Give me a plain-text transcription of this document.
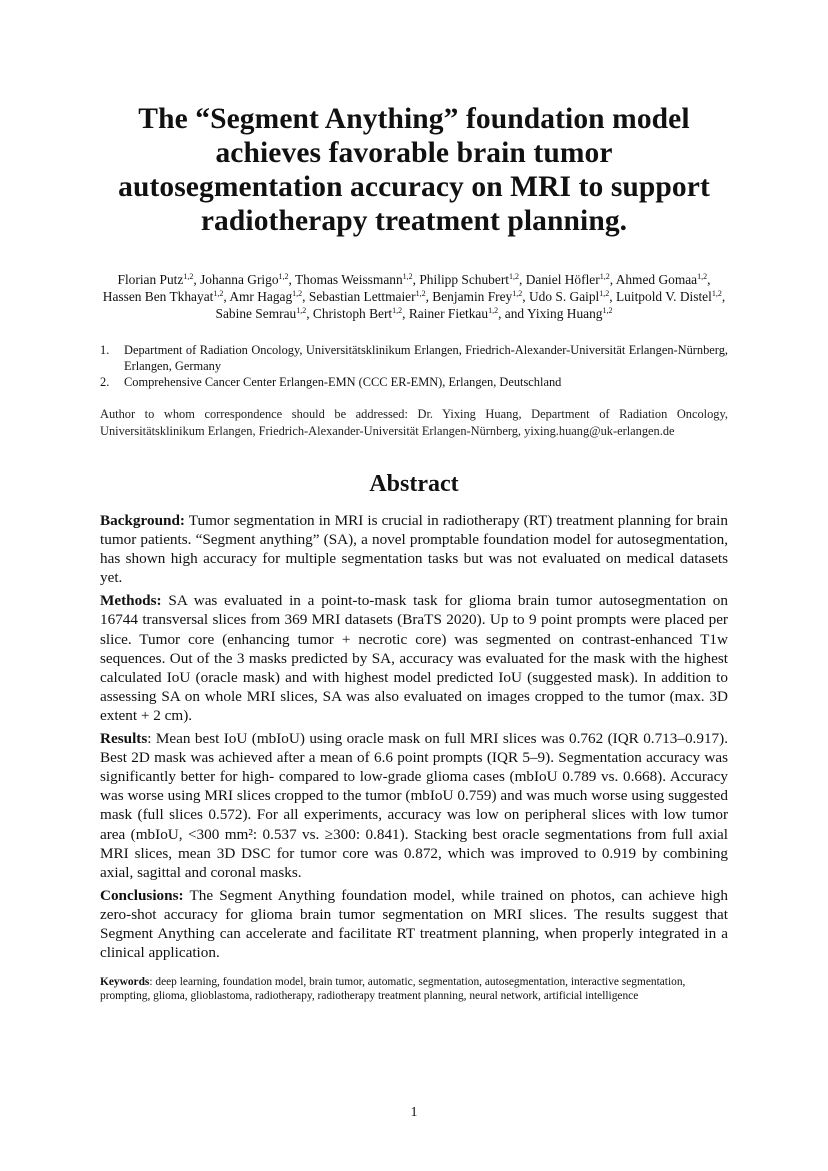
The “Segment Anything” foundation model achieves favorable brain tumor autosegmentation accuracy on MRI to support radiotherapy treatment planning.
Florian Putz$^{1,2}$, Johanna Grigo$^{1,2}$, Thomas Weissmann$^{1,2}$, Philipp Schubert$^{1,2}$, Daniel Höfler$^{1,2}$, Ahmed Gomaa$^{1,2}$, Hassen Ben Tkhayat$^{1,2}$, Amr Hagag$^{1,2}$, Sebastian Lettmaier$^{1,2}$, Benjamin Frey$^{1,2}$, Udo S. Gaipl$^{1,2}$, Luitpold V. Distel$^{1,2}$, Sabine Semrau$^{1,2}$, Christoph Bert$^{1,2}$, Rainer Fietkau$^{1,2}$, and Yixing Huang$^{1,2}$
1.	Department of Radiation Oncology, Universitätsklinikum Erlangen, Friedrich-Alexander-Universität Erlangen-Nürnberg, Erlangen, Germany
2.	Comprehensive Cancer Center Erlangen-EMN (CCC ER-EMN), Erlangen, Deutschland
Author to whom correspondence should be addressed: Dr. Yixing Huang, Department of Radiation Oncology, Universitätsklinikum Erlangen, Friedrich-Alexander-Universität Erlangen-Nürnberg, yixing.huang@uk-erlangen.de
Abstract

Background: Tumor segmentation in MRI is crucial in radiotherapy (RT) treatment planning for brain tumor patients. “Segment anything” (SA), a novel promptable foundation model for autosegmentation, has shown high accuracy for multiple segmentation tasks but was not evaluated on medical datasets yet.

Methods: SA was evaluated in a point-to-mask task for glioma brain tumor autosegmentation on 16744 transversal slices from 369 MRI datasets (BraTS 2020). Up to 9 point prompts were placed per slice. Tumor core (enhancing tumor + necrotic core) was segmented on contrast-enhanced T1w sequences. Out of the 3 masks predicted by SA, accuracy was evaluated for the mask with the highest calculated IoU (oracle mask) and with highest model predicted IoU (suggested mask). In addition to assessing SA on whole MRI slices, SA was also evaluated on images cropped to the tumor (max. 3D extent + 2 cm).

Results: Mean best IoU (mbIoU) using oracle mask on full MRI slices was 0.762 (IQR 0.713–0.917). Best 2D mask was achieved after a mean of 6.6 point prompts (IQR 5–9). Segmentation accuracy was significantly better for high- compared to low-grade glioma cases (mbIoU 0.789 vs. 0.668). Accuracy was worse using MRI slices cropped to the tumor (mbIoU 0.759) and was much worse using suggested mask (full slices 0.572). For all experiments, accuracy was low on peripheral slices with low tumor area (mbIoU, <300 mm²: 0.537 vs. ≥300: 0.841). Stacking best oracle segmentations from full axial MRI slices, mean 3D DSC for tumor core was 0.872, which was improved to 0.919 by combining axial, sagittal and coronal masks.

Conclusions: The Segment Anything foundation model, while trained on photos, can achieve high zero-shot accuracy for glioma brain tumor segmentation on MRI slices. The results suggest that Segment Anything can accelerate and facilitate RT treatment planning, when properly integrated in a clinical application.

Keywords: deep learning, foundation model, brain tumor, automatic, segmentation, autosegmentation, interactive segmentation, prompting, glioma, glioblastoma, radiotherapy, radiotherapy treatment planning, neural network, artificial intelligence
1
